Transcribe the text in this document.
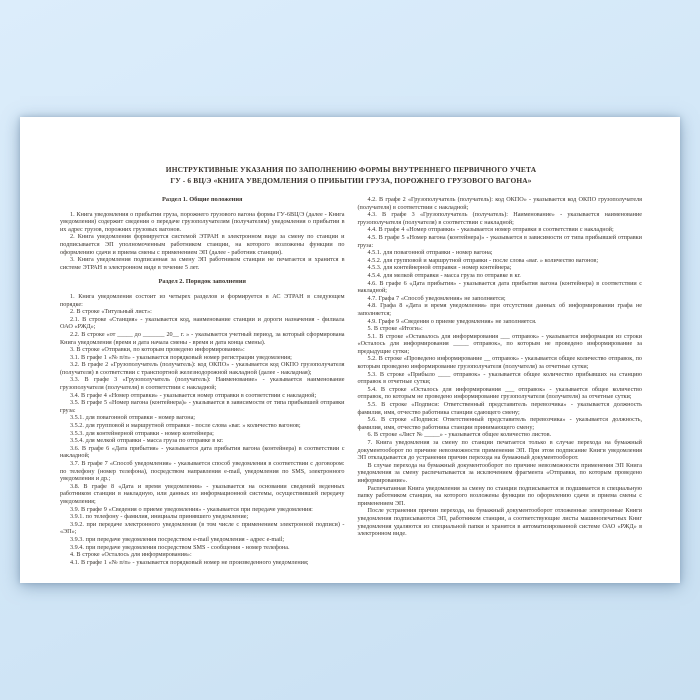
ИНСТРУКТИВНЫЕ УКАЗАНИЯ ПО ЗАПОЛНЕНИЮ ФОРМЫ ВНУТРЕННЕГО ПЕРВИЧНОГО УЧЕТА
ГУ - 6 ВЦ/Э «КНИГА УВЕДОМЛЕНИЯ О ПРИБЫТИИ ГРУЗА, ПОРОЖНЕГО ГРУЗОВОГО ВАГОНА»

Раздел 1. Общие положения

1. Книга уведомления о прибытии груза, порожнего грузового вагона формы ГУ-6ВЦ/Э (далее - Книга уведомления) содержит сведения о передаче грузополучателям (получателям) уведомления о прибытии в их адрес грузов, порожних грузовых вагонов.

2. Книга уведомления формируется системой ЭТРАН в электронном виде за смену по станции и подписывается ЭП уполномоченным работником станции, на которого возложены функции по оформлению сдачи и приема смены с применением ЭП (далее - работник станции).

3. Книга уведомления подписанная за смену ЭП работником станции не печатается и хранится в системе ЭТРАН в электронном виде в течение 5 лет.

Раздел 2. Порядок заполнения

1. Книга уведомления состоит из четырех разделов и формируется в АС ЭТРАН в следующем порядке:

2. В строке «Титульный лист»:

2.1. В строке «Станция» - указывается код, наименование станции и дороги назначения - филиала ОАО «РЖД»;

2.2. В строке «от _____ до _______ 20__ г. » - указывается учетный период, за который сформирована Книга уведомления (время и дата начала смены - время и дата конца смены).

3. В строке «Отправки, по которым проведено информирование»:

3.1. В графе 1 «№ п/п» - указывается порядковый номер регистрации уведомления;

3.2. В графе 2 «Грузополучатель (получатель): код ОКПО» - указывается код ОКПО грузополучателя (получателя) в соответствии с транспортной железнодорожной накладной (далее - накладная);

3.3. В графе 3 «Грузополучатель (получатель): Наименование» - указывается наименование грузополучателя (получателя) в соответствии с накладной;

3.4. В графе 4 «Номер отправки» - указывается номер отправки в соответствии с накладной;

3.5. В графе 5 «Номер вагона (контейнера)» - указывается в зависимости от типа прибывшей отправки груза:

3.5.1. для повагонной отправки - номер вагона;

3.5.2. для групповой и маршрутной отправки - после слова «ваг. » количество вагонов;

3.5.3. для контейнерной отправки - номер контейнера;

3.5.4. для мелкой отправки - масса груза по отправке в кг.

3.6. В графе 6 «Дата прибытия» - указывается дата прибытия вагона (контейнера) в соответствии с накладной;

3.7. В графе 7 «Способ уведомления» - указывается способ уведомления в соответствии с договором: по телефону (номер телефона), посредством направления e-mail, уведомления по SMS, электронного уведомления и др.;

3.8. В графе 8 «Дата и время уведомления» - указывается на основании сведений веденных работником станции в накладную, или данных из информационной системы, осуществившей передачу уведомления;

3.9. В графе 9 «Сведения о приеме уведомления» - указывается при передаче уведомления:

3.9.1. по телефону - фамилия, инициалы принявшего уведомление;

3.9.2. при передаче электронного уведомления (в том числе с применением электронной подписи) - «ЭП»;

3.9.3. при передаче уведомления посредством e-mail уведомления - адрес e-mail;

3.9.4. при передаче уведомления посредством SMS - сообщения - номер телефона.

4. В строке «Осталось для информирования»:

4.1. В графе 1 «№ п/п» - указывается порядковый номер не произведенного уведомления;

4.2. В графе 2 «Грузополучатель (получатель): код ОКПО» - указывается код ОКПО грузополучателя (получателя) в соответствии с накладной;

4.3. В графе 3 «Грузополучатель (получатель): Наименование» - указывается наименование грузополучателя (получателя) в соответствии с накладной;

4.4. В графе 4 «Номер отправки» - указывается номер отправки в соответствии с накладной;

4.5. В графе 5 «Номер вагона (контейнера)» - указывается в зависимости от типа прибывшей отправки груза:

4.5.1. для повагонной отправки - номер вагона;

4.5.2. для групповой и маршрутной отправки - после слова «ваг. » количество вагонов;

4.5.3. для контейнерной отправки - номер контейнера;

4.5.4. для мелкой отправки - масса груза по отправке в кг.

4.6. В графе 6 «Дата прибытия» - указывается дата прибытия вагона (контейнера) в соответствии с накладной;

4.7. Графа 7 «Способ уведомления» не заполняется;

4.8. Графа 8 «Дата и время уведомления» при отсутствии данных об информировании графа не заполняется;

4.9. Графе 9 «Сведения о приеме уведомления» не заполняется.

5. В строке «Итоги»:

5.1. В строке «Оставалось для информирования ___ отправок» - указывается информация из строки «Осталось для информирования _____ отправок», по которым не проведено информирование за предыдущие сутки;

5.2. В строке «Проведено информирование __ отправок» - указывается общее количество отправок, по которым проведено информирование грузополучателя (получателя) за отчетные сутки;

5.3. В строке «Прибыло ____ отправок» - указывается общее количество прибывших на станцию отправок в отчетные сутки;

5.4. В строке «Осталось для информирования ___ отправок» - указывается общее количество отправок, по которым не проведено информирование грузополучателя (получателя) за отчетные сутки;

5.5. В строке «Подписи: Ответственный представитель перевозчика» - указывается должность фамилия, имя, отчество работника станции сдающего смену;

5.6. В строке «Подписи: Ответственный представитель перевозчика» - указывается должность, фамилия, имя, отчество работника станции принимающего смену;

6. В строке «Лист № _____» - указывается общее количество листов.

7. Книга уведомления за смену по станции печатается только в случае перехода на бумажный документооборот по причине невозможности применения ЭП. При этом подписание Книги уведомления ЭП откладывается до устранения причин перехода на бумажный документооборот.

В случае перехода на бумажный документооборот по причине невозможности применения ЭП Книга уведомления за смену распечатывается за исключением фрагмента «Отправки, по которым проведено информирование».

Распечатанная Книга уведомления за смену по станции подписывается и подшивается в специальную папку работником станции, на которого возложены функции по оформлению сдачи и приема смены с применением ЭП.

После устранения причин перехода, на бумажный документооборот отложенные электронные Книги уведомления подписываются ЭП, работником станции, а соответствующие листы машинопечатных Книг уведомления удаляются из специальной папки и хранятся в автоматизированной системе ОАО «РЖД» в электронном виде.
